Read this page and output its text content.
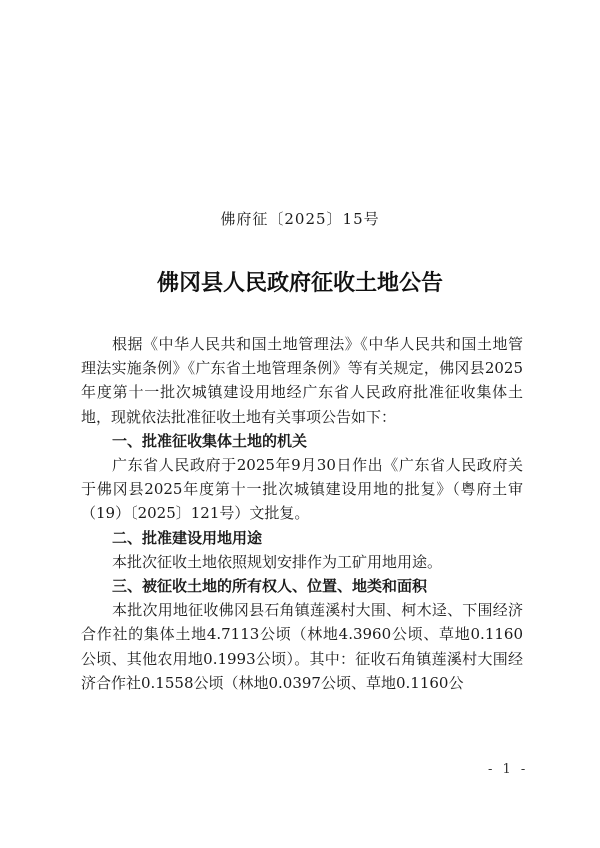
佛府征〔2025〕15号
佛冈县人民政府征收土地公告

根据《中华人民共和国土地管理法》《中华人民共和国土地管理法实施条例》《广东省土地管理条例》等有关规定，佛冈县2025年度第十一批次城镇建设用地经广东省人民政府批准征收集体土地，现就依法批准征收土地有关事项公告如下：

一、批准征收集体土地的机关

广东省人民政府于2025年9月30日作出《广东省人民政府关于佛冈县2025年度第十一批次城镇建设用地的批复》（粤府土审（19）〔2025〕121号）文批复。

二、批准建设用地用途

本批次征收土地依照规划安排作为工矿用地用途。

三、被征收土地的所有权人、位置、地类和面积

本批次用地征收佛冈县石角镇莲溪村大围、柯木迳、下围经济合作社的集体土地4.7113公顷（林地4.3960公顷、草地0.1160公顷、其他农用地0.1993公顷）。其中：征收石角镇莲溪村大围经济合作社0.1558公顷（林地0.0397公顷、草地0.1160公

- 1 -
